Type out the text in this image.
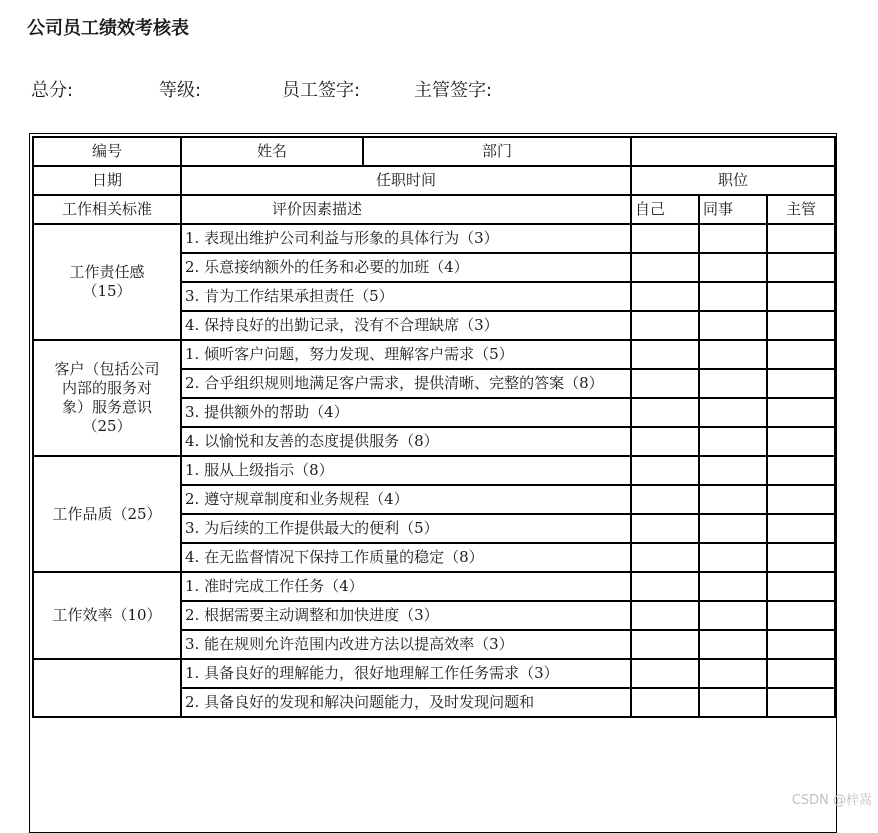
公司员工绩效考核表
总分:	等级:	员工签字:	主管签字:
编号	姓名	部门			
日期	任职时间		职位		
工作相关标准	评价因素描述		自己	同事	主管

工作责任感
（15）	1. 表现出维护公司利益与形象的具体行为（3）				
	2. 乐意接纳额外的任务和必要的加班（4）				
	3. 肯为工作结果承担责任（5）				
	4. 保持良好的出勤记录，没有不合理缺席（3）				

客户（包括公司
内部的服务对
象）服务意识
（25）	1. 倾听客户问题，努力发现、理解客户需求（5）				
	2. 合乎组织规则地满足客户需求，提供清晰、完整的答案（8）				
	3. 提供额外的帮助（4）				
	4. 以愉悦和友善的态度提供服务（8）				

工作品质（25）	1. 服从上级指示（8）				
	2. 遵守规章制度和业务规程（4）				
	3. 为后续的工作提供最大的便利（5）				
	4. 在无监督情况下保持工作质量的稳定（8）				

工作效率（10）	1. 准时完成工作任务（4）				
	2. 根据需要主动调整和加快进度（3）				
	3. 能在规则允许范围内改进方法以提高效率（3）				

	1. 具备良好的理解能力，很好地理解工作任务需求（3）				
	2. 具备良好的发现和解决问题能力，及时发现问题和				
CSDN @梓嵩
